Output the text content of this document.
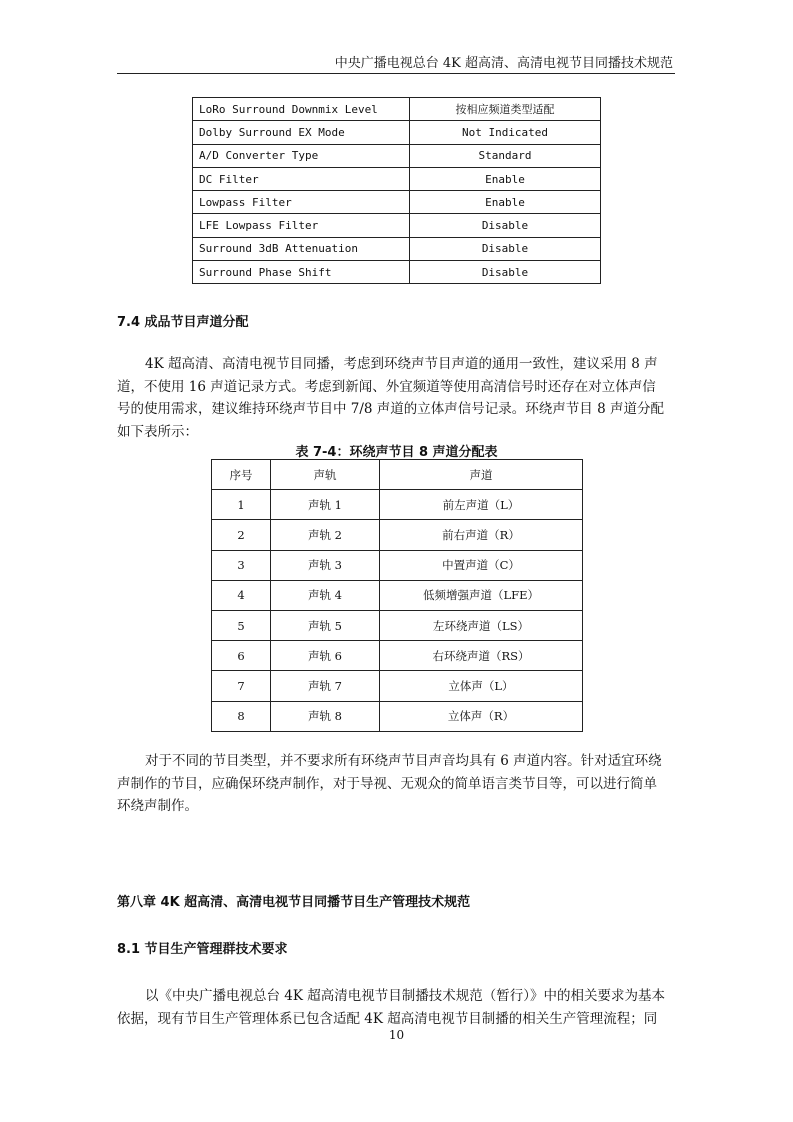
中央广播电视总台 4K 超高清、高清电视节目同播技术规范
LoRo Surround Downmix Level	按相应频道类型适配
Dolby Surround EX Mode	Not Indicated
A/D Converter Type	Standard
DC Filter	Enable
Lowpass Filter	Enable
LFE Lowpass Filter	Disable
Surround 3dB Attenuation	Disable
Surround Phase Shift	Disable
7.4 成品节目声道分配
4K 超高清、高清电视节目同播，考虑到环绕声节目声道的通用一致性，建议采用 8 声
道，不使用 16 声道记录方式。考虑到新闻、外宜频道等使用高清信号时还存在对立体声信
号的使用需求，建议维持环绕声节目中 7/8 声道的立体声信号记录。环绕声节目 8 声道分配
如下表所示：
表 7-4：环绕声节目 8 声道分配表
序号	声轨	声道
1	声轨 1	前左声道（L）
2	声轨 2	前右声道（R）
3	声轨 3	中置声道（C）
4	声轨 4	低频增强声道（LFE）
5	声轨 5	左环绕声道（LS）
6	声轨 6	右环绕声道（RS）
7	声轨 7	立体声（L）
8	声轨 8	立体声（R）
对于不同的节目类型，并不要求所有环绕声节目声音均具有 6 声道内容。针对适宜环绕
声制作的节目，应确保环绕声制作，对于导视、无观众的简单语言类节目等，可以进行简单
环绕声制作。
第八章 4K 超高清、高清电视节目同播节目生产管理技术规范
8.1 节目生产管理群技术要求
以《中央广播电视总台 4K 超高清电视节目制播技术规范（暂行）》中的相关要求为基本
依据，现有节目生产管理体系已包含适配 4K 超高清电视节目制播的相关生产管理流程；同
10
